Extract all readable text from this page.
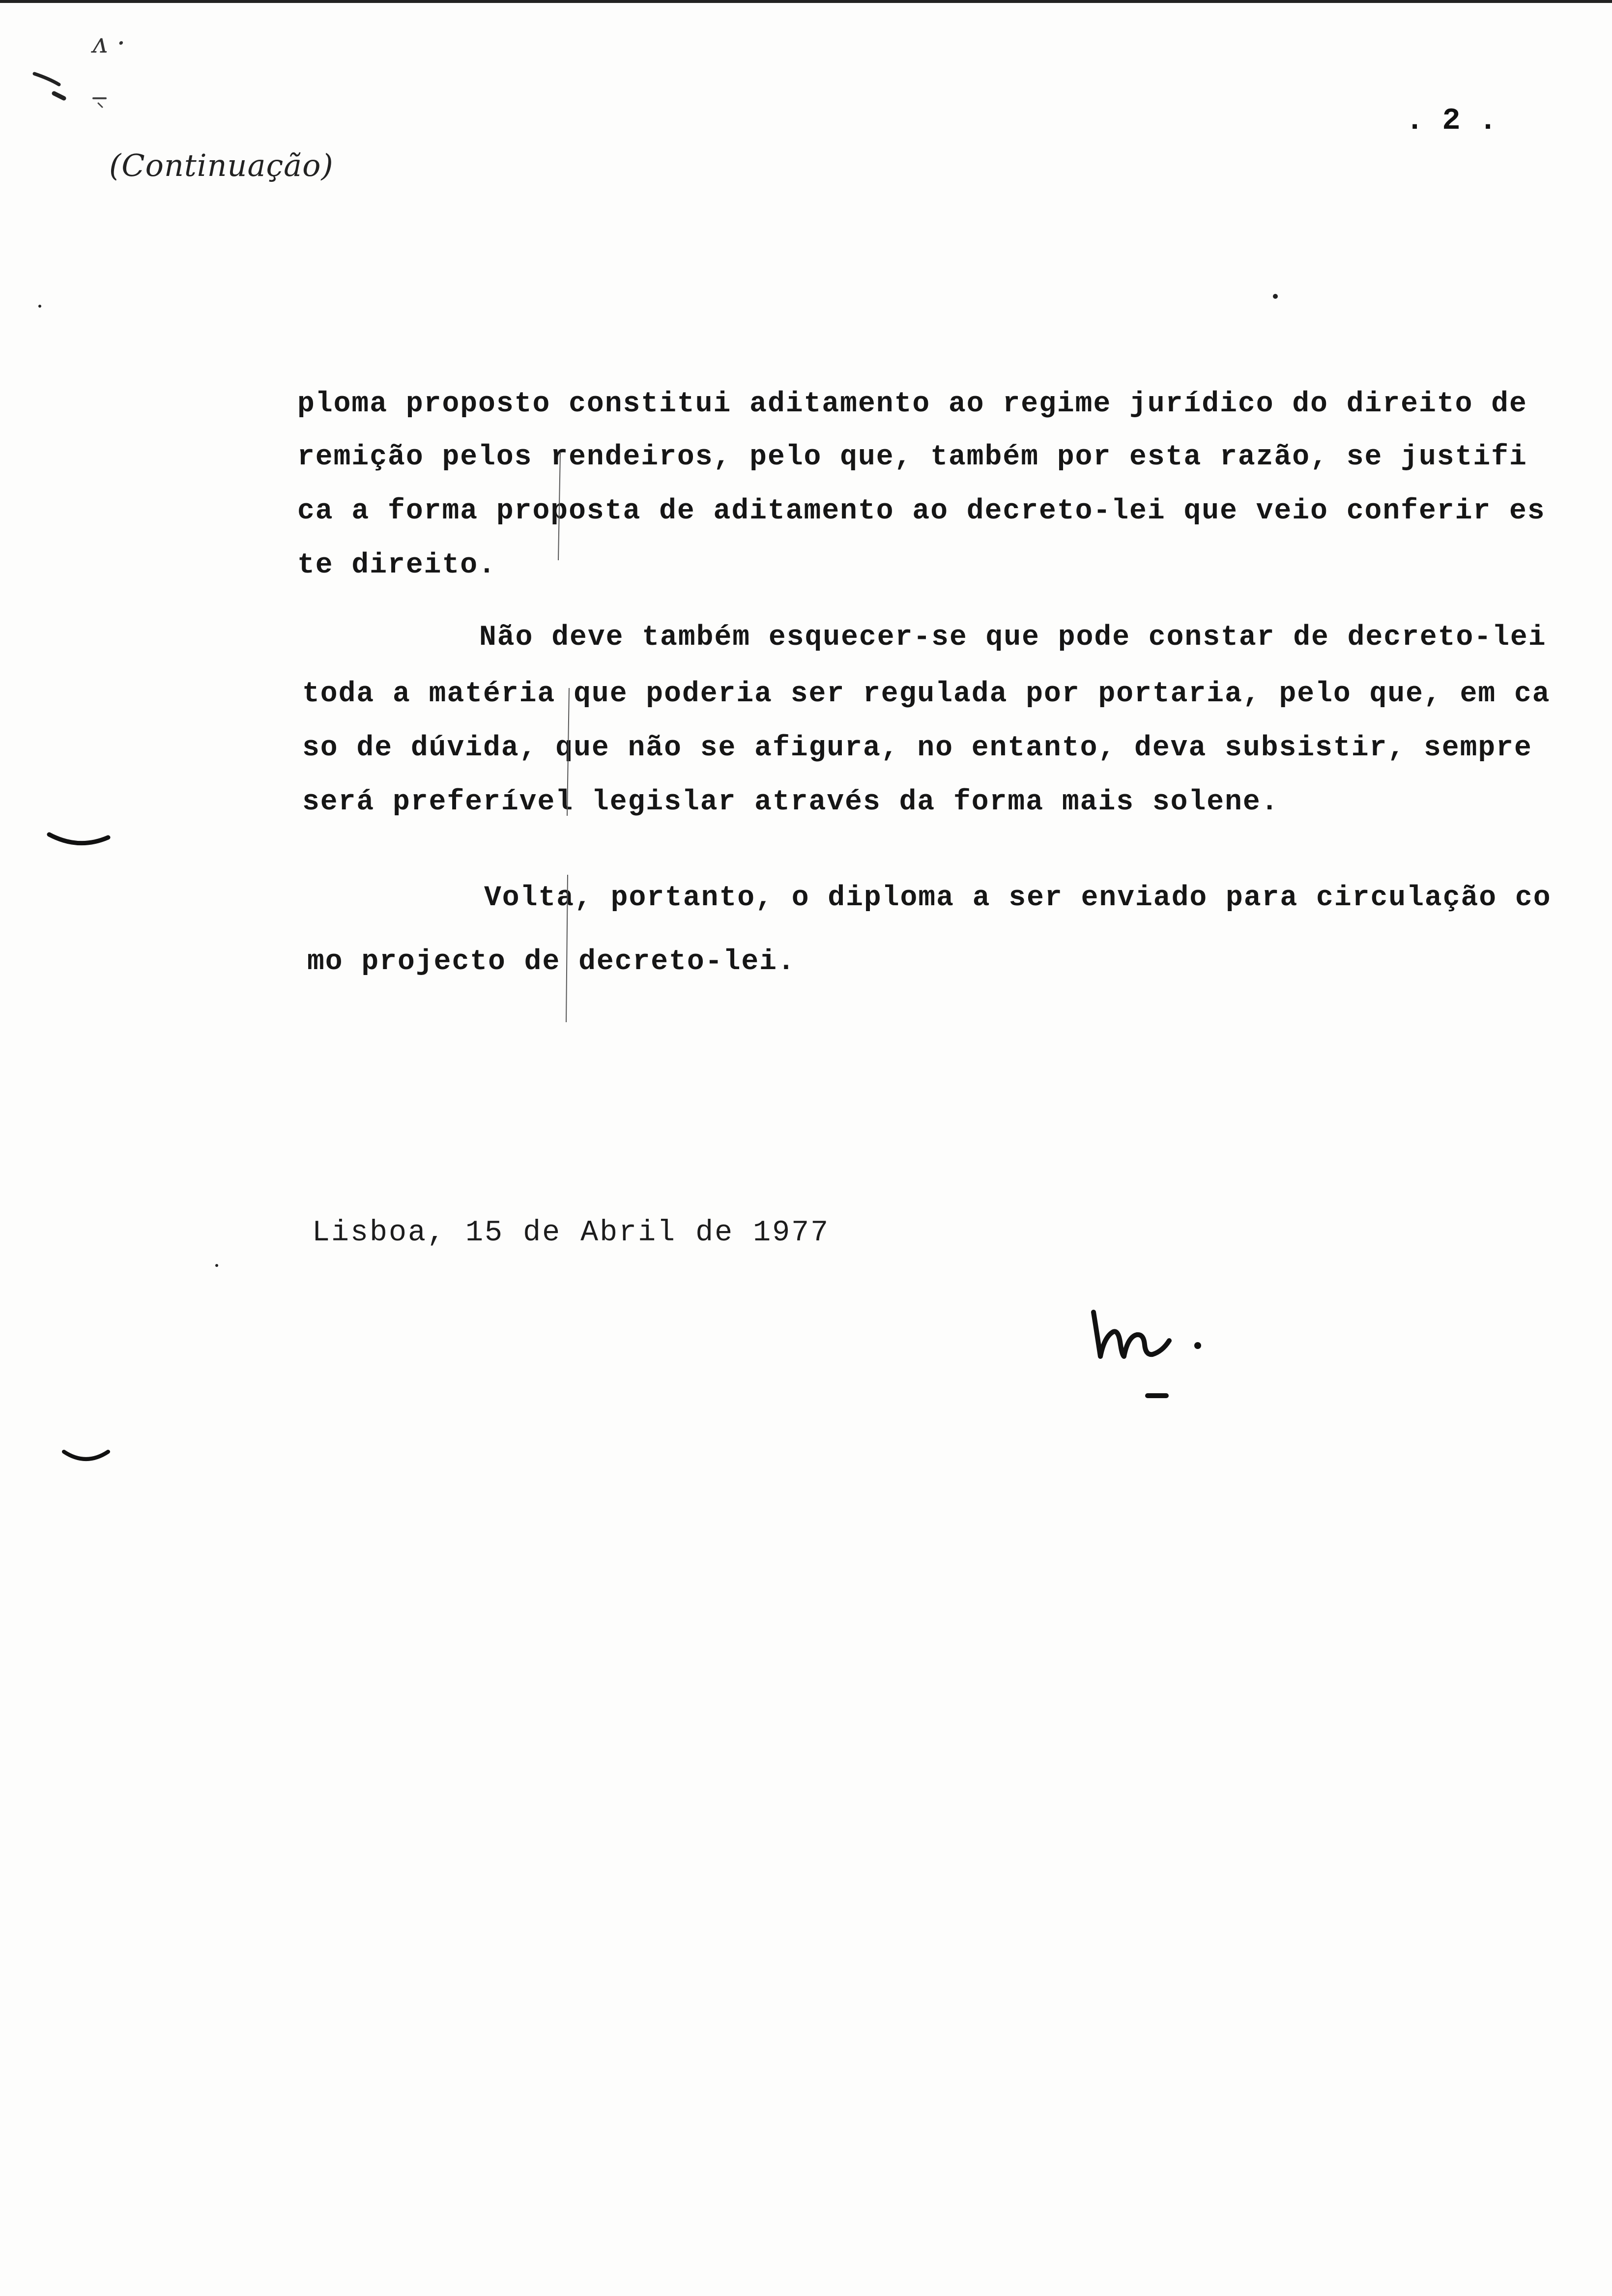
ᴧ ·
(Continuação)
. 2 .
ploma proposto constitui aditamento ao regime jurídico do direito de
remição pelos rendeiros, pelo que, também por esta razão, se justifi
ca a forma proposta de aditamento ao decreto-lei que veio conferir es
te direito.
Não deve também esquecer-se que pode constar de decreto-lei
toda a matéria que poderia ser regulada por portaria, pelo que, em ca
so de dúvida, que não se afigura, no entanto, deva subsistir, sempre
será preferível legislar através da forma mais solene.
Volta, portanto, o diploma a ser enviado para circulação co
mo projecto de decreto-lei.
Lisboa, 15 de Abril de 1977
